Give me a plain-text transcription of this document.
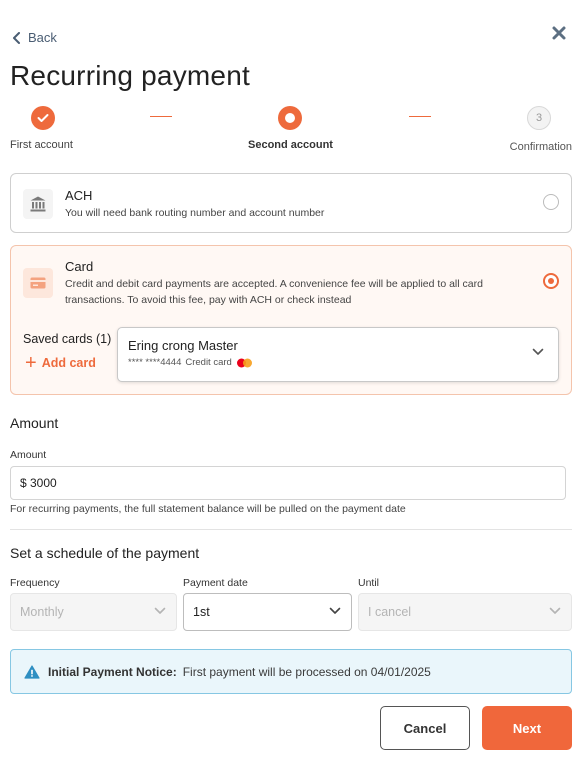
Back
Recurring payment
First account	Second account
3
Confirmation
ACH
You will need bank routing number and account number
Card
Credit and debit card payments are accepted. A convenience fee will be applied to all card transactions. To avoid this fee, pay with ACH or check instead
Saved cards (1)
+ Add card
Ering crong Master
**** ****4444 Credit card
Amount
Amount
$ 3000
For recurring payments, the full statement balance will be pulled on the payment date
Set a schedule of the payment
Frequency
Monthly
Payment date
1st
Until
I cancel
Initial Payment Notice: First payment will be processed on 04/01/2025
Cancel	Next
